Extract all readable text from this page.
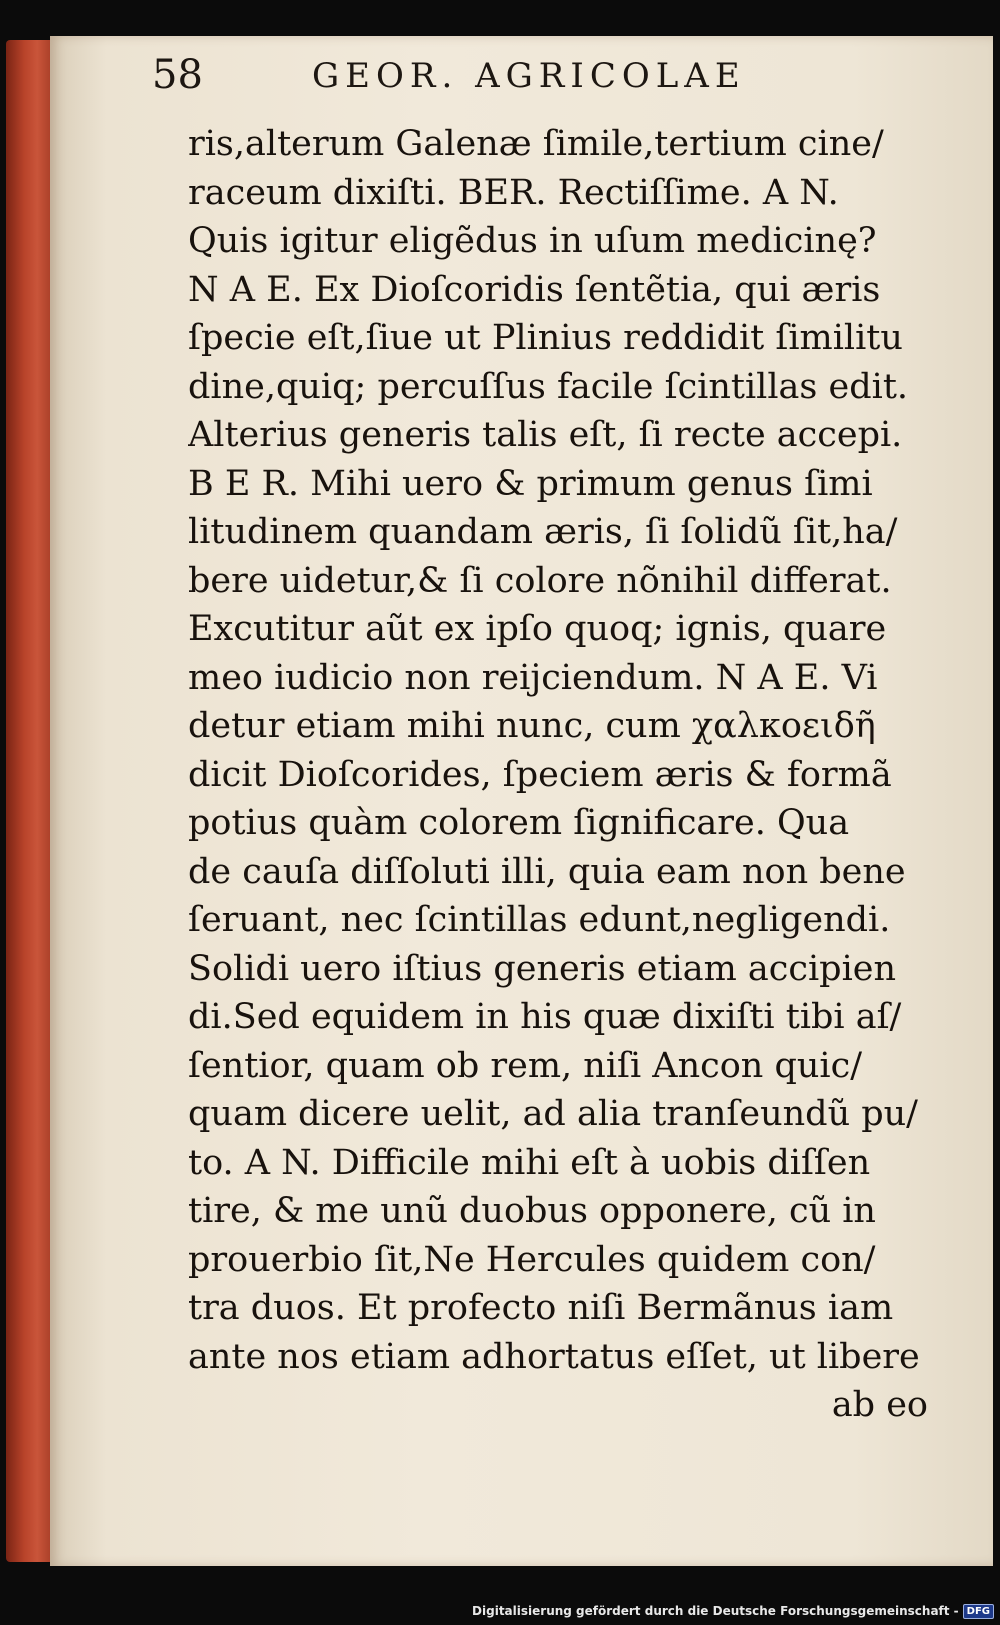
58	GEOR. AGRICOLAE
ris,alterum Galenæ ſimile,tertium cine/
raceum dixiſti. BER. Rectiſſime. A N.
Quis igitur eligẽdus in uſum medicinę?
N A E. Ex Dioſcoridis ſentẽtia, qui æris
ſpecie eſt,ſiue ut Plinius reddidit ſimilitu
dine,quiq; percuſſus facile ſcintillas edit.
Alterius generis talis eſt, ſi recte accepi.
B E R. Mihi uero & primum genus ſimi
litudinem quandam æris, ſi ſolidũ ſit,ha/
bere uidetur,& ſi colore nõnihil differat.
Excutitur aũt ex ipſo quoq; ignis, quare
meo iudicio non reijciendum. N A E. Vi
detur etiam mihi nunc, cum χαλκοειδῆ
dicit Dioſcorides, ſpeciem æris & formã
potius quàm colorem ſignificare. Qua
de cauſa diſſoluti illi, quia eam non bene
ſeruant, nec ſcintillas edunt,negligendi.
Solidi uero iſtius generis etiam accipien
di.Sed equidem in his quæ dixiſti tibi aſ/
ſentior, quam ob rem, niſi Ancon quic/
quam dicere uelit, ad alia tranſeundũ pu/
to. A N. Difficile mihi eſt à uobis diſſen
tire, & me unũ duobus opponere, cũ in
prouerbio ſit,Ne Hercules quidem con/
tra duos. Et profecto niſi Bermãnus iam
ante nos etiam adhortatus eſſet, ut libere
ab eo
Digitalisierung gefördert durch die Deutsche Forschungsgemeinschaft - DFG
